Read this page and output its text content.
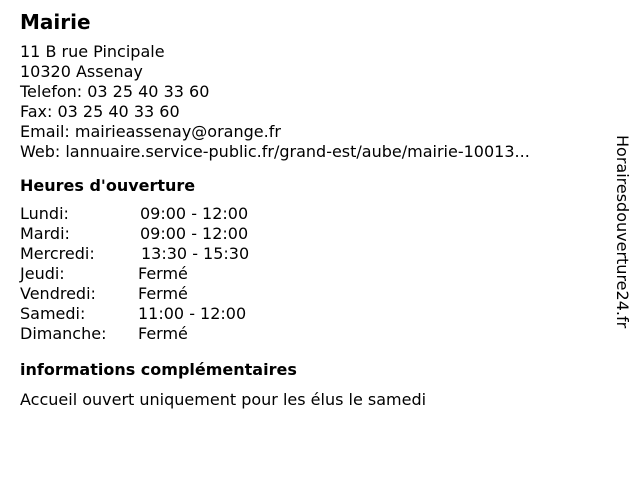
Mairie
11 B rue Pincipale
10320 Assenay
Telefon: 03 25 40 33 60
Fax: 03 25 40 33 60
Email: mairieassenay@orange.fr
Web: lannuaire.service-public.fr/grand-est/aube/mairie-10013...
Heures d'ouverture
Lundi:	09:00 - 12:00
Mardi:	09:00 - 12:00
Mercredi:	13:30 - 15:30
Jeudi:	Fermé
Vendredi:	Fermé
Samedi:	11:00 - 12:00
Dimanche:	Fermé
informations complémentaires
Accueil ouvert uniquement pour les élus le samedi
Horairesdouverture24.fr
